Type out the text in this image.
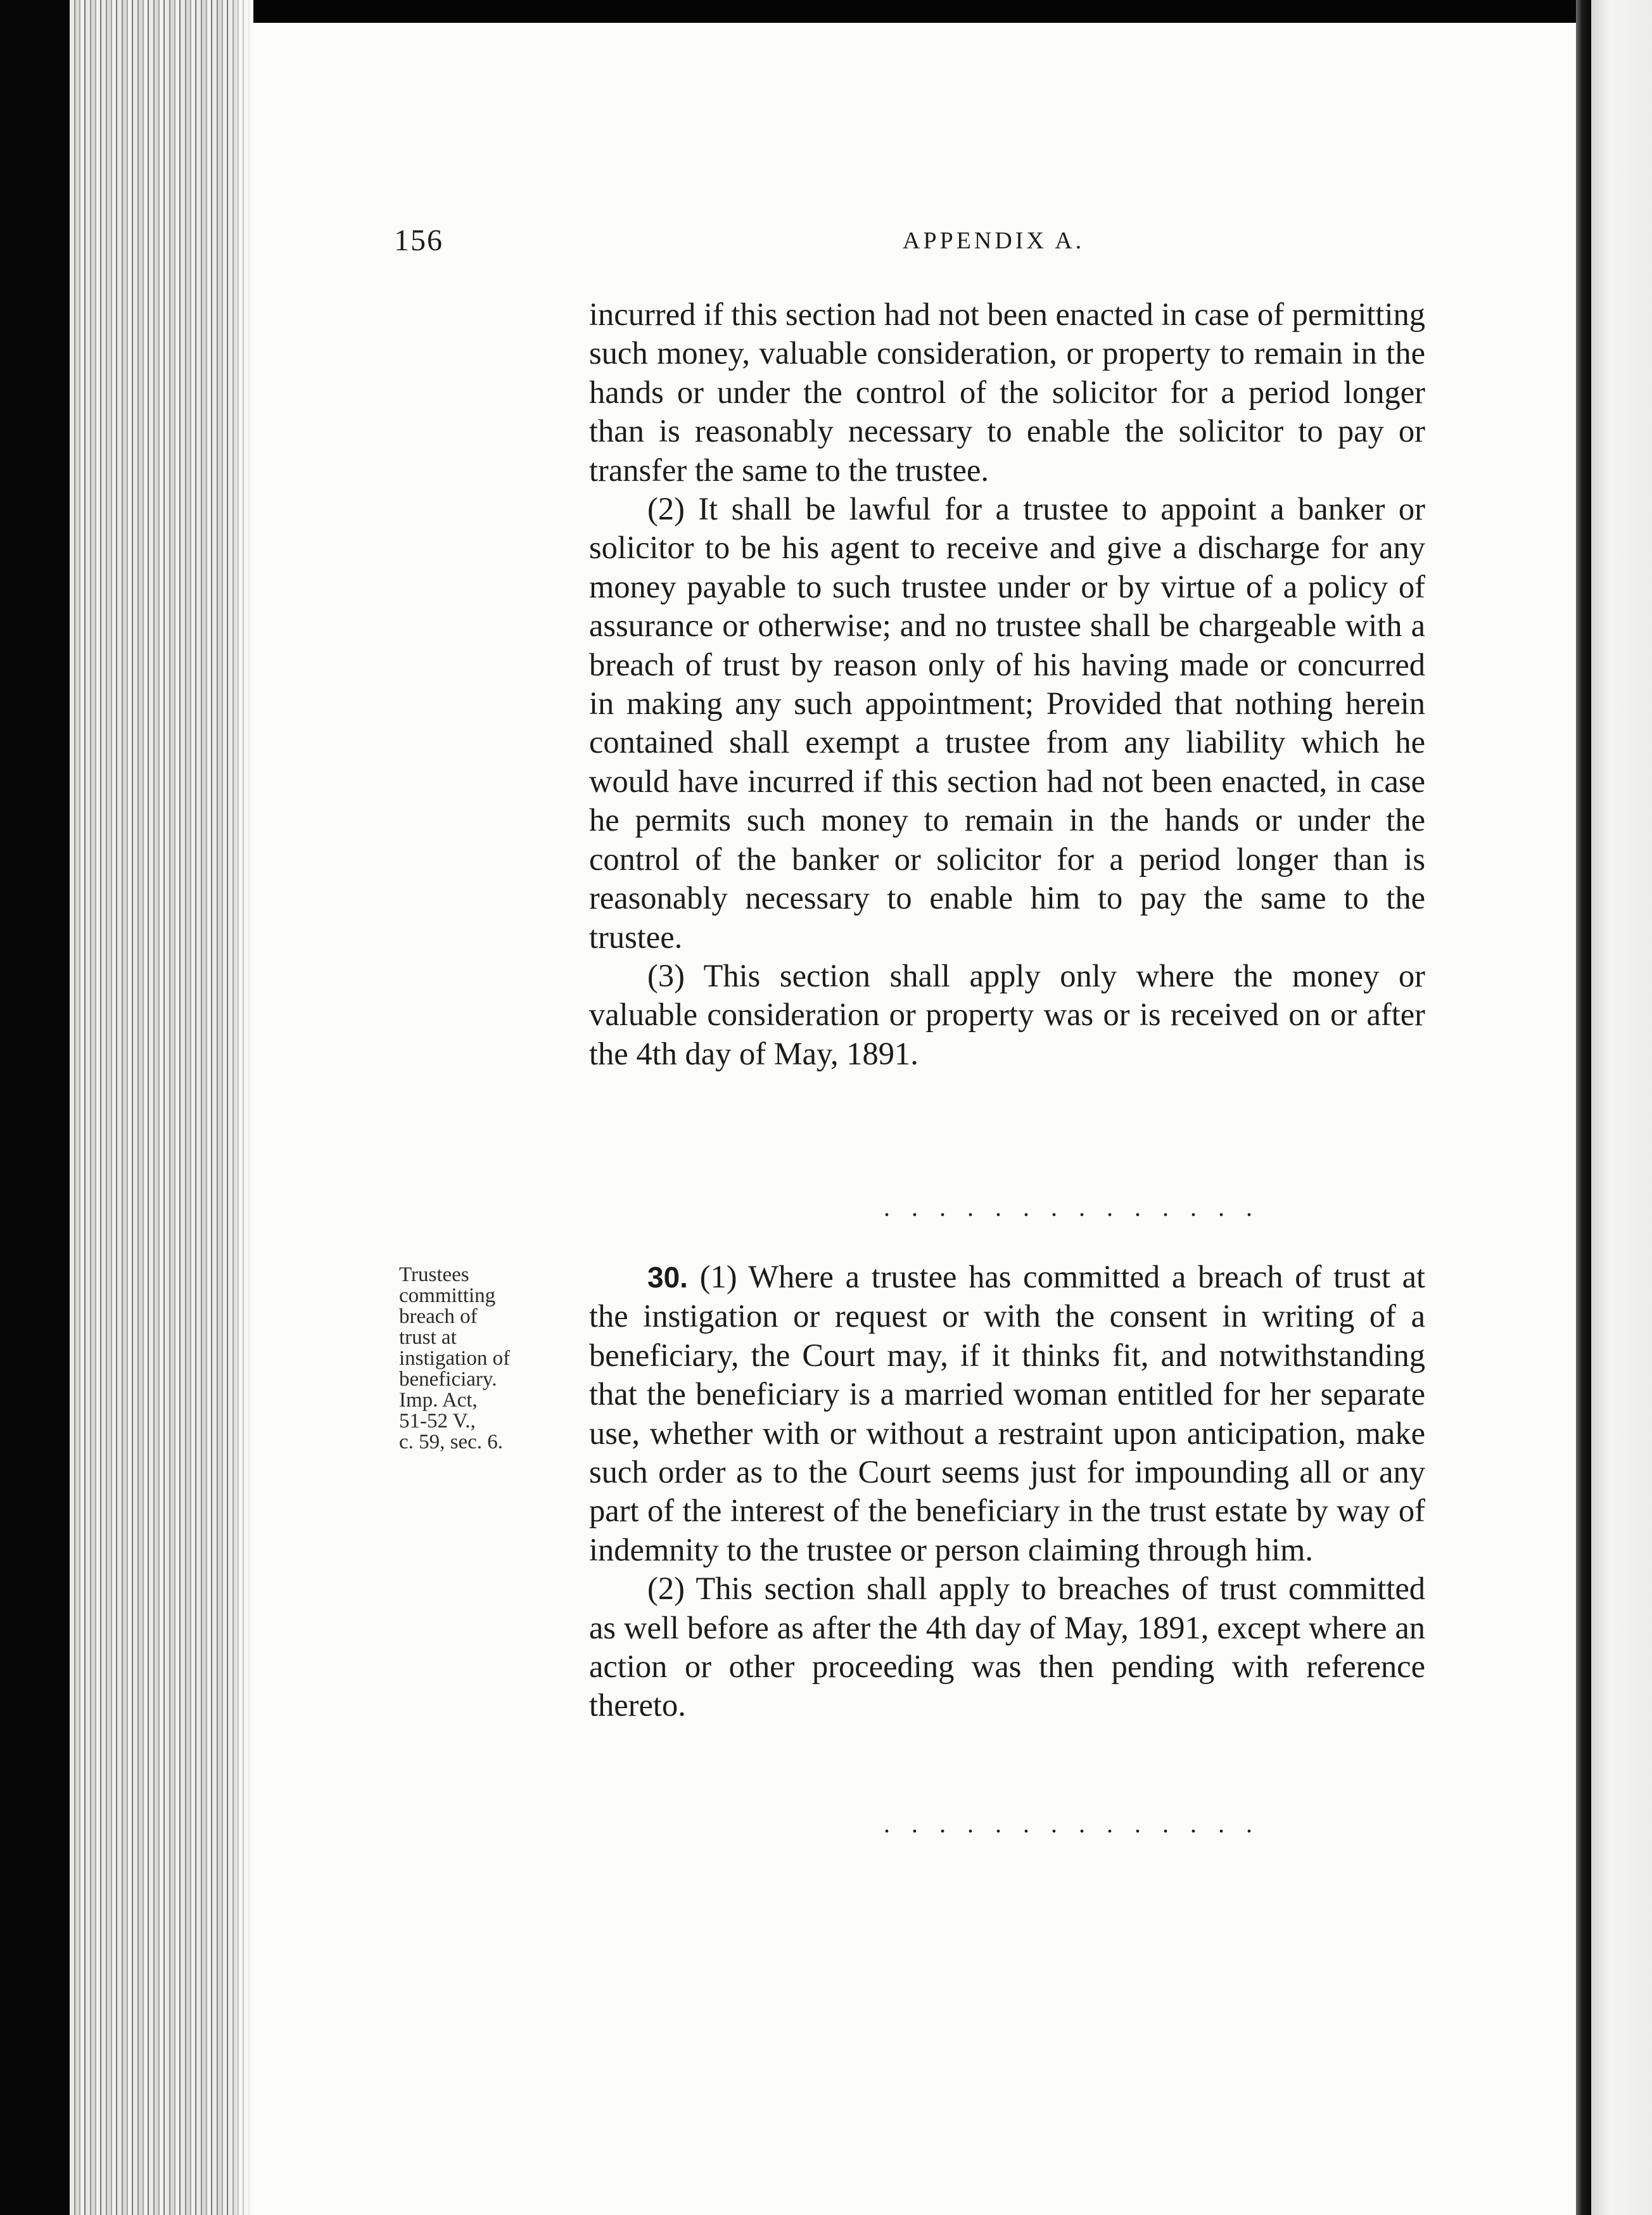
156	APPENDIX A.

incurred if this section had not been enacted in case of permitting such money, valuable consideration, or property to remain in the hands or under the control of the solicitor for a period longer than is reasonably necessary to enable the solicitor to pay or transfer the same to the trustee.

(2) It shall be lawful for a trustee to appoint a banker or solicitor to be his agent to receive and give a discharge for any money payable to such trustee under or by virtue of a policy of assurance or otherwise; and no trustee shall be chargeable with a breach of trust by reason only of his having made or concurred in making any such appointment; Provided that nothing herein contained shall exempt a trustee from any liability which he would have incurred if this section had not been enacted, in case he permits such money to remain in the hands or under the control of the banker or solicitor for a period longer than is reasonably necessary to enable him to pay the same to the trustee.

(3) This section shall apply only where the money or valuable consideration or property was or is received on or after the 4th day of May, 1891.

. . . . . . . . . . . . . .
Trustees
committing
breach of
trust at
instigation of
beneficiary.
Imp. Act,
51-52 V.,
c. 59, sec. 6.

30. (1) Where a trustee has committed a breach of trust at the instigation or request or with the consent in writing of a beneficiary, the Court may, if it thinks fit, and notwithstanding that the beneficiary is a married woman entitled for her separate use, whether with or without a restraint upon anticipation, make such order as to the Court seems just for impounding all or any part of the interest of the beneficiary in the trust estate by way of indemnity to the trustee or person claiming through him.

(2) This section shall apply to breaches of trust committed as well before as after the 4th day of May, 1891, except where an action or other proceeding was then pending with reference thereto.

. . . . . . . . . . . . . .
